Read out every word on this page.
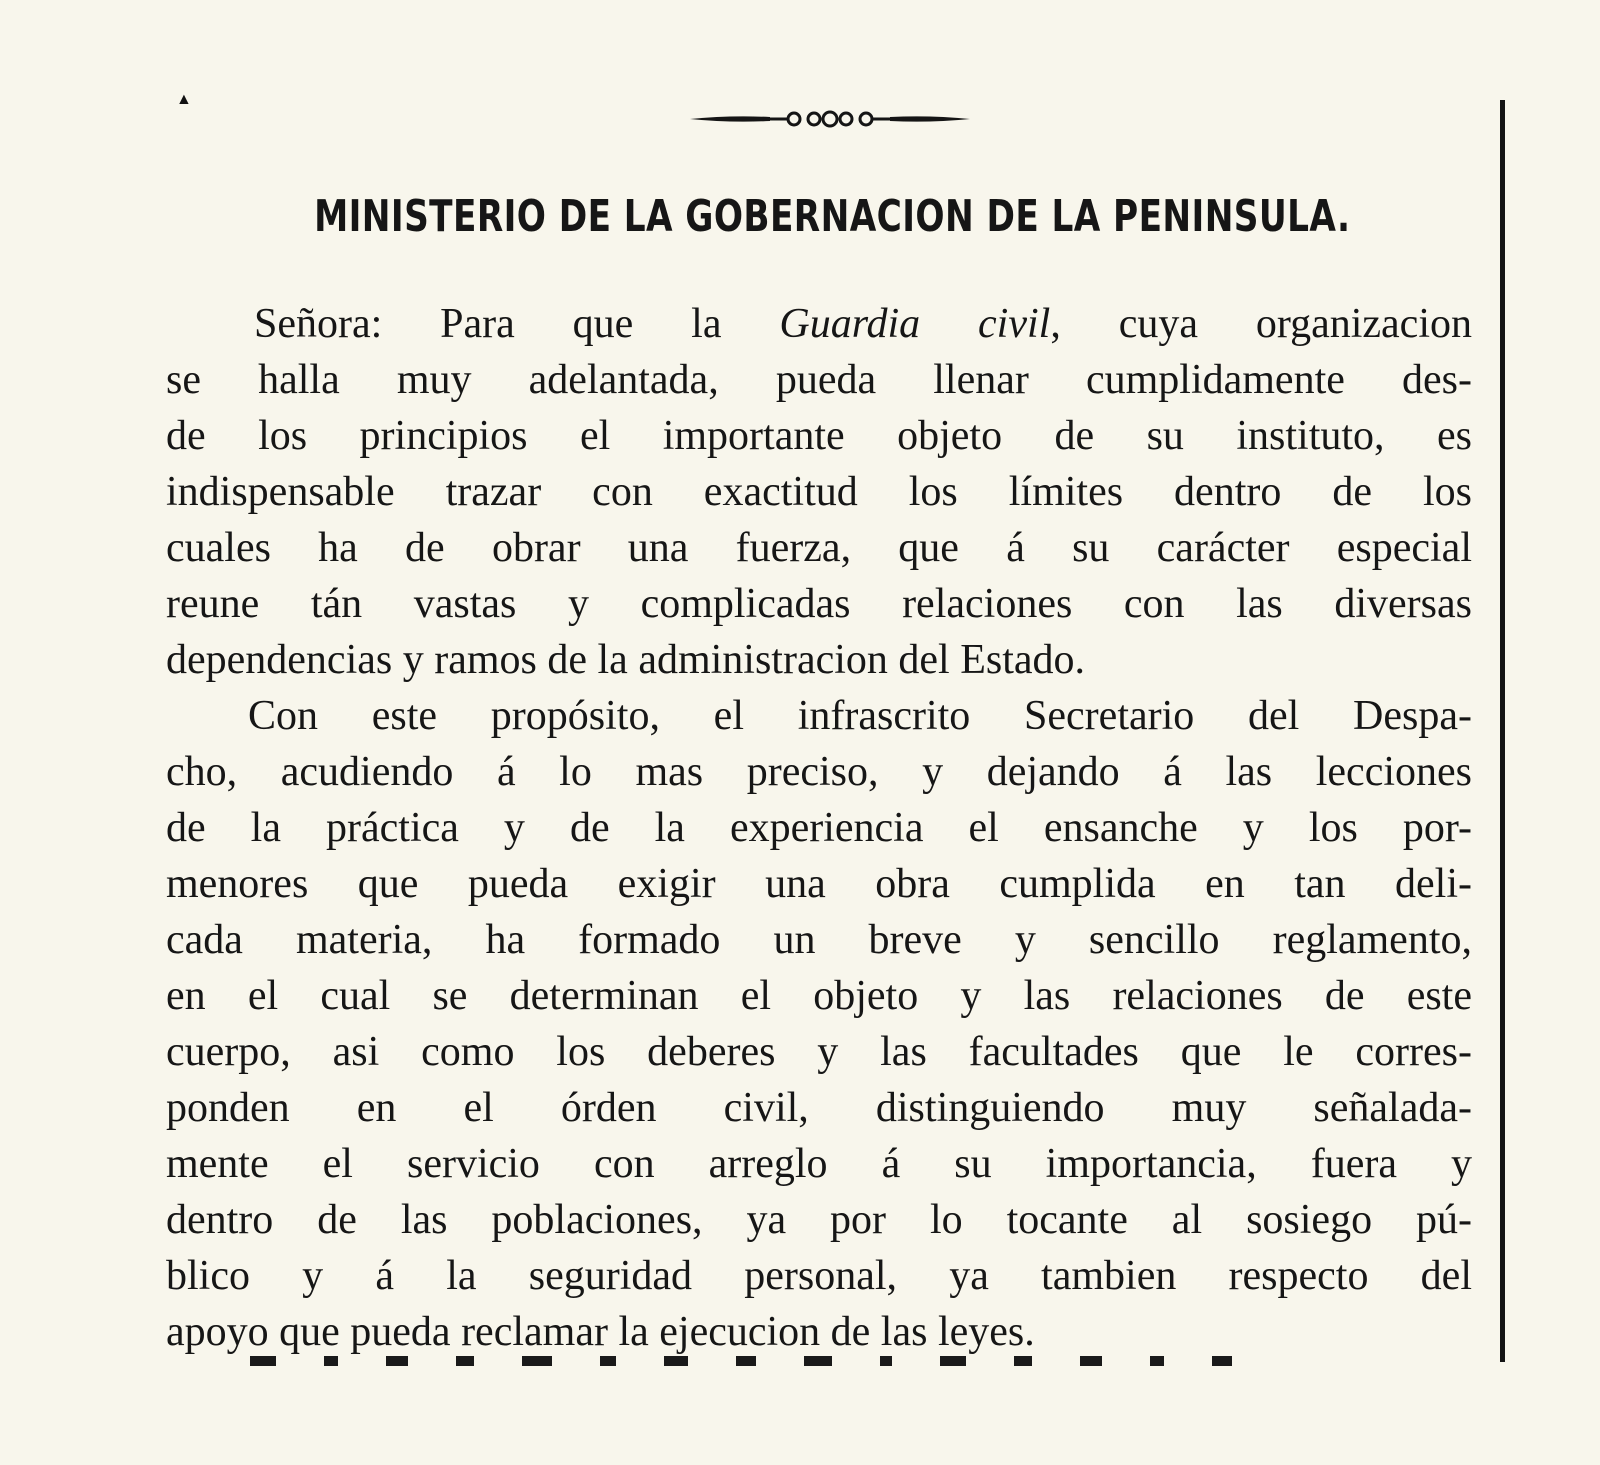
▲
MINISTERIO DE LA GOBERNACION DE LA PENINSULA.
Señora: Para que la Guardia civil, cuya organizacion
se halla muy adelantada, pueda llenar cumplidamente des-
de los principios el importante objeto de su instituto, es
indispensable trazar con exactitud los límites dentro de los
cuales ha de obrar una fuerza, que á su carácter especial
reune tán vastas y complicadas relaciones con las diversas
dependencias y ramos de la administracion del Estado.
Con este propósito, el infrascrito Secretario del Despa-
cho, acudiendo á lo mas preciso, y dejando á las lecciones
de la práctica y de la experiencia el ensanche y los por-
menores que pueda exigir una obra cumplida en tan deli-
cada materia, ha formado un breve y sencillo reglamento,
en el cual se determinan el objeto y las relaciones de este
cuerpo, asi como los deberes y las facultades que le corres-
ponden en el órden civil, distinguiendo muy señalada-
mente el servicio con arreglo á su importancia, fuera y
dentro de las poblaciones, ya por lo tocante al sosiego pú-
blico y á la seguridad personal, ya tambien respecto del
apoyo que pueda reclamar la ejecucion de las leyes.
